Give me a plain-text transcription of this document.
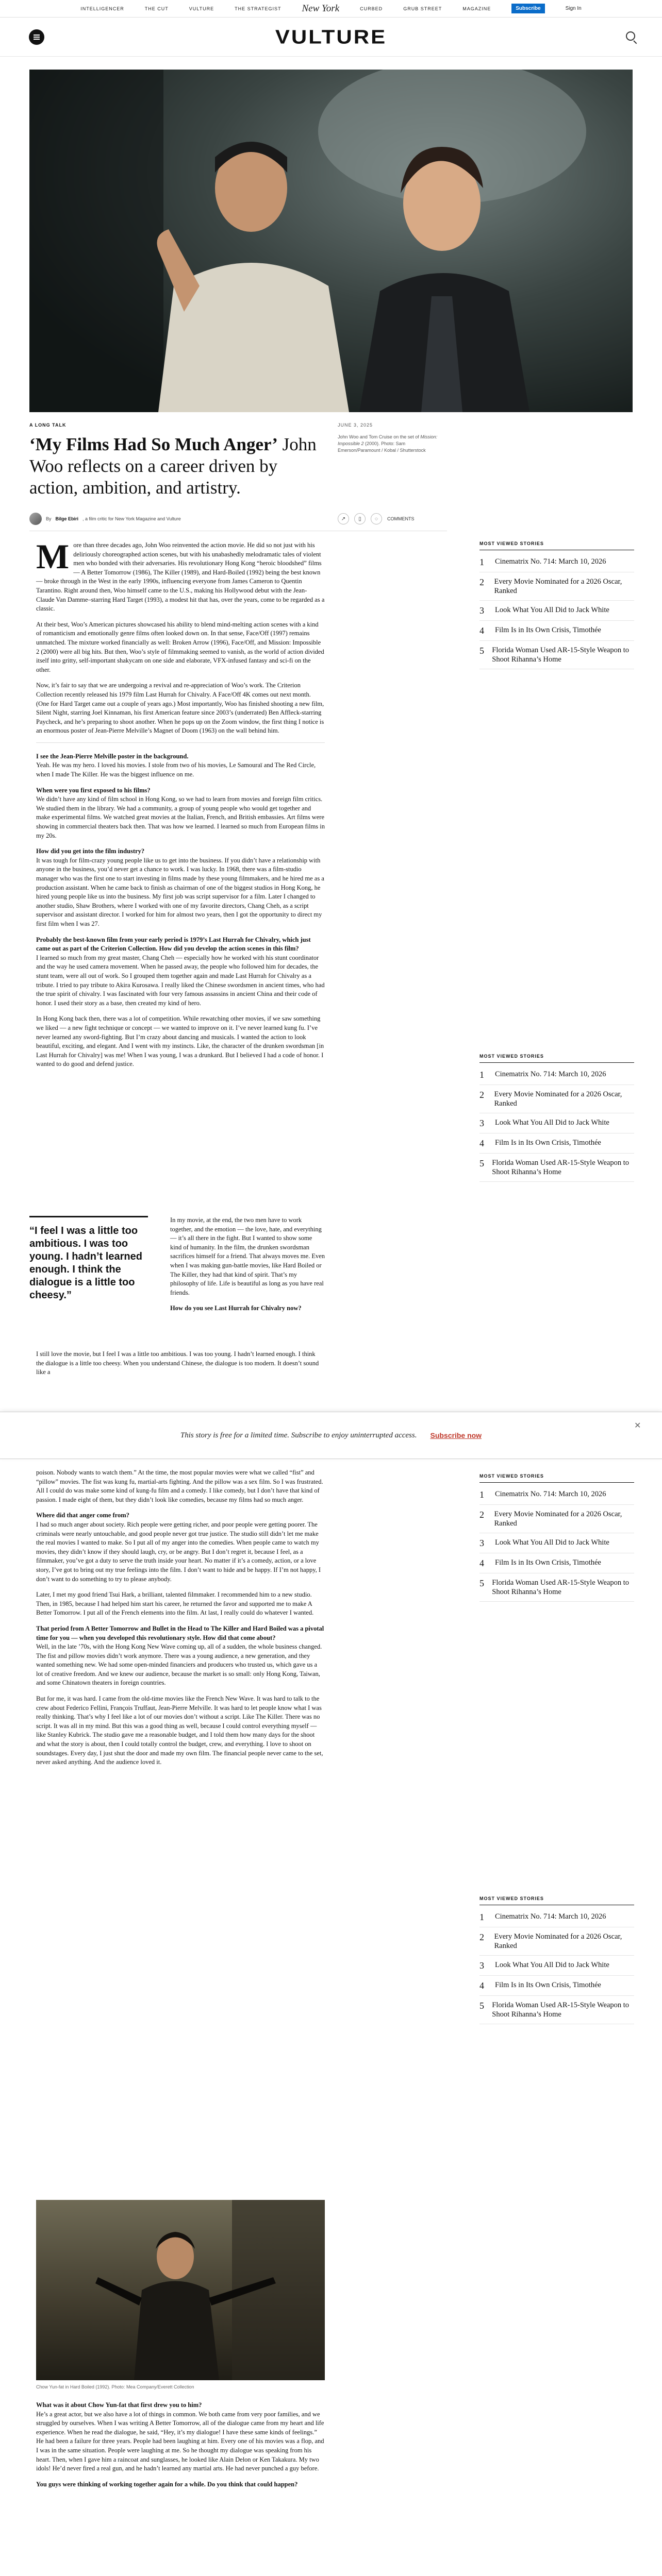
INTELLIGENCER	THE CUT	VULTURE	THE STRATEGIST New York	CURBED	GRUB STREET	MAGAZINE	Subscribe	Sign In
VULTURE
A LONG TALK	JUNE 3, 2025
‘My Films Had So Much Anger’ John Woo reflects on a career driven by action, ambition, and artistry.
John Woo and Tom Cruise on the set of Mission: Impossible 2 (2000). Photo: Sam Emerson/Paramount / Kobal / Shutterstock
By Bilge Ebiri , a film critic for New York Magazine and Vulture	↗	▯	◌	COMMENTS

More than three decades ago, John Woo reinvented the action movie. He did so not just with his deliriously choreographed action scenes, but with his unabashedly melodramatic tales of violent men who bonded with their adversaries. His revolutionary Hong Kong “heroic bloodshed” films — A Better Tomorrow (1986), The Killer (1989), and Hard-Boiled (1992) being the best known — broke through in the West in the early 1990s, influencing everyone from James Cameron to Quentin Tarantino. Right around then, Woo himself came to the U.S., making his Hollywood debut with the Jean-Claude Van Damme–starring Hard Target (1993), a modest hit that has, over the years, come to be regarded as a classic.

At their best, Woo’s American pictures showcased his ability to blend mind-melting action scenes with a kind of romanticism and emotionally genre films often looked down on. In that sense, Face/Off (1997) remains unmatched. The mixture worked financially as well: Broken Arrow (1996), Face/Off, and Mission: Impossible 2 (2000) were all big hits. But then, Woo’s style of filmmaking seemed to vanish, as the world of action divided itself into gritty, self-important shakycam on one side and elaborate, VFX-infused fantasy and sci-fi on the other.

Now, it’s fair to say that we are undergoing a revival and re-appreciation of Woo’s work. The Criterion Collection recently released his 1979 film Last Hurrah for Chivalry. A Face/Off 4K comes out next month. (One for Hard Target came out a couple of years ago.) Most importantly, Woo has finished shooting a new film, Silent Night, starring Joel Kinnaman, his first American feature since 2003’s (underrated) Ben Affleck-starring Paycheck, and he’s preparing to shoot another. When he pops up on the Zoom window, the first thing I notice is an enormous poster of Jean-Pierre Melville’s Magnet of Doom (1963) on the wall behind him.

I see the Jean-Pierre Melville poster in the background.

Yeah. He was my hero. I loved his movies. I stole from two of his movies, Le Samouraï and The Red Circle, when I made The Killer. He was the biggest influence on me.

When were you first exposed to his films?

We didn’t have any kind of film school in Hong Kong, so we had to learn from movies and foreign film critics. We studied them in the library. We had a community, a group of young people who would get together and make experimental films. We watched great movies at the Italian, French, and British embassies. Art films were showing in commercial theaters back then. That was how we learned. I learned so much from European films in my 20s.

How did you get into the film industry?

It was tough for film-crazy young people like us to get into the business. If you didn’t have a relationship with anyone in the business, you’d never get a chance to work. I was lucky. In 1968, there was a film-studio manager who was the first one to start investing in films made by these young filmmakers, and he hired me as a production assistant. When he came back to finish as chairman of one of the biggest studios in Hong Kong, he hired young people like us into the business. My first job was script supervisor for a film. Later I changed to another studio, Shaw Brothers, where I worked with one of my favorite directors, Chang Cheh, as a script supervisor and assistant director. I worked for him for almost two years, then I got the opportunity to direct my first film when I was 27.

Probably the best-known film from your early period is 1979’s Last Hurrah for Chivalry, which just came out as part of the Criterion Collection. How did you develop the action scenes in this film?

I learned so much from my great master, Chang Cheh — especially how he worked with his stunt coordinator and the way he used camera movement. When he passed away, the people who followed him for decades, the stunt team, were all out of work. So I grouped them together again and made Last Hurrah for Chivalry as a tribute. I tried to pay tribute to Akira Kurosawa. I really liked the Chinese swordsmen in ancient times, who had the true spirit of chivalry. I was fascinated with four very famous assassins in ancient China and their code of honor. I used their story as a base, then created my kind of hero.

In Hong Kong back then, there was a lot of competition. While rewatching other movies, if we saw something we liked — a new fight technique or concept — we wanted to improve on it. I’ve never learned kung fu. I’ve never learned any sword-fighting. But I’m crazy about dancing and musicals. I wanted the action to look beautiful, exciting, and elegant. And I went with my instincts. Like, the character of the drunken swordsman [in Last Hurrah for Chivalry] was me! When I was young, I was a drunkard. But I believed I had a code of honor. I wanted to do good and defend justice.

“I feel I was a little too ambitious. I was too young. I hadn’t learned enough. I think the dialogue is a little too cheesy.”

In my movie, at the end, the two men have to work together, and the emotion — the love, hate, and everything — it’s all there in the fight. But I wanted to show some kind of humanity. In the film, the drunken swordsman sacrifices himself for a friend. That always moves me. Even when I was making gun-battle movies, like Hard Boiled or The Killer, they had that kind of spirit. That’s my philosophy of life. Life is beautiful as long as you have real friends.

How do you see Last Hurrah for Chivalry now?

I still love the movie, but I feel I was a little too ambitious. I was too young. I hadn’t learned enough. I think the dialogue is a little too cheesy. When you understand Chinese, the dialogue is too modern. It doesn’t sound like a

This story is free for a limited time. Subscribe to enjoy uninterrupted access. Subscribe now
✕

poison. Nobody wants to watch them.” At the time, the most popular movies were what we called “fist” and “pillow” movies. The fist was kung fu, martial-arts fighting. And the pillow was a sex film. So I was frustrated. All I could do was make some kind of kung-fu film and a comedy. I like comedy, but I don’t have that kind of passion. I made eight of them, but they didn’t look like comedies, because my films had so much anger.

Where did that anger come from?

I had so much anger about society. Rich people were getting richer, and poor people were getting poorer. The criminals were nearly untouchable, and good people never got true justice. The studio still didn’t let me make the real movies I wanted to make. So I put all of my anger into the comedies. When people came to watch my movies, they didn’t know if they should laugh, cry, or be angry. But I don’t regret it, because I feel, as a filmmaker, you’ve got a duty to serve the truth inside your heart. No matter if it’s a comedy, action, or a love story, I’ve got to bring out my true feelings into the film. I don’t want to hide and be happy. If I’m not happy, I don’t want to do something to try to please anybody.

Later, I met my good friend Tsui Hark, a brilliant, talented filmmaker. I recommended him to a new studio. Then, in 1985, because I had helped him start his career, he returned the favor and supported me to make A Better Tomorrow. I put all of the French elements into the film. At last, I really could do whatever I wanted.

That period from A Better Tomorrow and Bullet in the Head to The Killer and Hard Boiled was a pivotal time for you — when you developed this revolutionary style. How did that come about?

Well, in the late ’70s, with the Hong Kong New Wave coming up, all of a sudden, the whole business changed. The fist and pillow movies didn’t work anymore. There was a young audience, a new generation, and they wanted something new. We had some open-minded financiers and producers who trusted us, which gave us a lot of creative freedom. And we knew our audience, because the market is so small: only Hong Kong, Taiwan, and some Chinatown theaters in foreign countries.

But for me, it was hard. I came from the old-time movies like the French New Wave. It was hard to talk to the crew about Federico Fellini, François Truffaut, Jean-Pierre Melville. It was hard to let people know what I was really thinking. That’s why I feel like a lot of our movies don’t without a script. Like The Killer. There was no script. It was all in my mind. But this was a good thing as well, because I could control everything myself — like Stanley Kubrick. The studio gave me a reasonable budget, and I told them how many days for the shoot and what the story is about, then I could totally control the budget, crew, and everything. I love to shoot on soundstages. Every day, I just shut the door and made my own film. The financial people never came to the set, never asked anything. And the audience loved it.

Chow Yun-fat in Hard Boiled (1992). Photo: Mea Company/Everett Collection

What was it about Chow Yun-fat that first drew you to him?

He’s a great actor, but we also have a lot of things in common. We both came from very poor families, and we struggled by ourselves. When I was writing A Better Tomorrow, all of the dialogue came from my heart and life experience. When he read the dialogue, he said, “Hey, it’s my dialogue! I have these same kinds of feelings.” He had been a failure for three years. People had been laughing at him. Every one of his movies was a flop, and I was in the same situation. People were laughing at me. So he thought my dialogue was speaking from his heart. Then, when I gave him a raincoat and sunglasses, he looked like Alain Delon or Ken Takakura. My two idols! He’d never fired a real gun, and he hadn’t learned any martial arts. He had never punched a guy before.

You guys were thinking of working together again for a while. Do you think that could happen?

MOST VIEWED STORIES
1	Cinematrix No. 714: March 10, 2026
2	Every Movie Nominated for a 2026 Oscar, Ranked
3	Look What You All Did to Jack White
4	Film Is in Its Own Crisis, Timothée
5 Florida Woman Used AR-15-Style Weapon to Shoot Rihanna’s Home
MOST VIEWED STORIES
1	Cinematrix No. 714: March 10, 2026
2	Every Movie Nominated for a 2026 Oscar, Ranked
3	Look What You All Did to Jack White
4	Film Is in Its Own Crisis, Timothée
5 Florida Woman Used AR-15-Style Weapon to Shoot Rihanna’s Home
MOST VIEWED STORIES
1	Cinematrix No. 714: March 10, 2026
2	Every Movie Nominated for a 2026 Oscar, Ranked
3	Look What You All Did to Jack White
4	Film Is in Its Own Crisis, Timothée
5 Florida Woman Used AR-15-Style Weapon to Shoot Rihanna’s Home
MOST VIEWED STORIES
1	Cinematrix No. 714: March 10, 2026
2	Every Movie Nominated for a 2026 Oscar, Ranked
3	Look What You All Did to Jack White
4	Film Is in Its Own Crisis, Timothée
5 Florida Woman Used AR-15-Style Weapon to Shoot Rihanna’s Home
